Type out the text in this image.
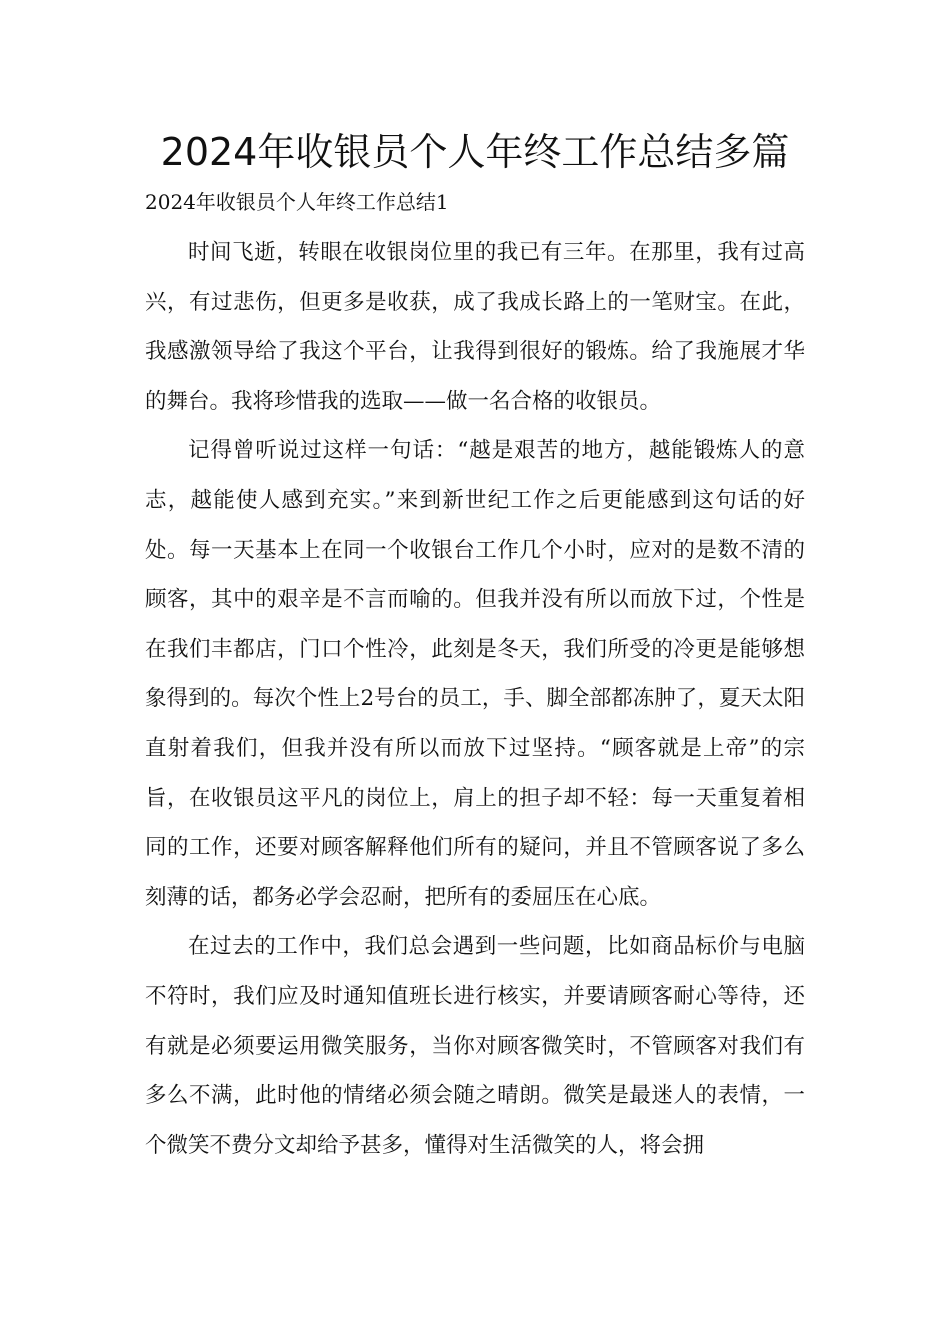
2024年收银员个人年终工作总结多篇
2024年收银员个人年终工作总结1

时间飞逝，转眼在收银岗位里的我已有三年。在那里，我有过高兴，有过悲伤，但更多是收获，成了我成长路上的一笔财宝。在此，我感激领导给了我这个平台，让我得到很好的锻炼。给了我施展才华的舞台。我将珍惜我的选取——做一名合格的收银员。

记得曾听说过这样一句话：“越是艰苦的地方，越能锻炼人的意志，越能使人感到充实。”来到新世纪工作之后更能感到这句话的好处。每一天基本上在同一个收银台工作几个小时，应对的是数不清的顾客，其中的艰辛是不言而喻的。但我并没有所以而放下过，个性是在我们丰都店，门口个性冷，此刻是冬天，我们所受的冷更是能够想象得到的。每次个性上2号台的员工，手、脚全部都冻肿了，夏天太阳直射着我们，但我并没有所以而放下过坚持。“顾客就是上帝”的宗旨，在收银员这平凡的岗位上，肩上的担子却不轻：每一天重复着相同的工作，还要对顾客解释他们所有的疑问，并且不管顾客说了多么刻薄的话，都务必学会忍耐，把所有的委屈压在心底。

在过去的工作中，我们总会遇到一些问题，比如商品标价与电脑不符时，我们应及时通知值班长进行核实，并要请顾客耐心等待，还有就是必须要运用微笑服务，当你对顾客微笑时，不管顾客对我们有多么不满，此时他的情绪必须会随之晴朗。微笑是最迷人的表情，一个微笑不费分文却给予甚多，懂得对生活微笑的人，将会拥
